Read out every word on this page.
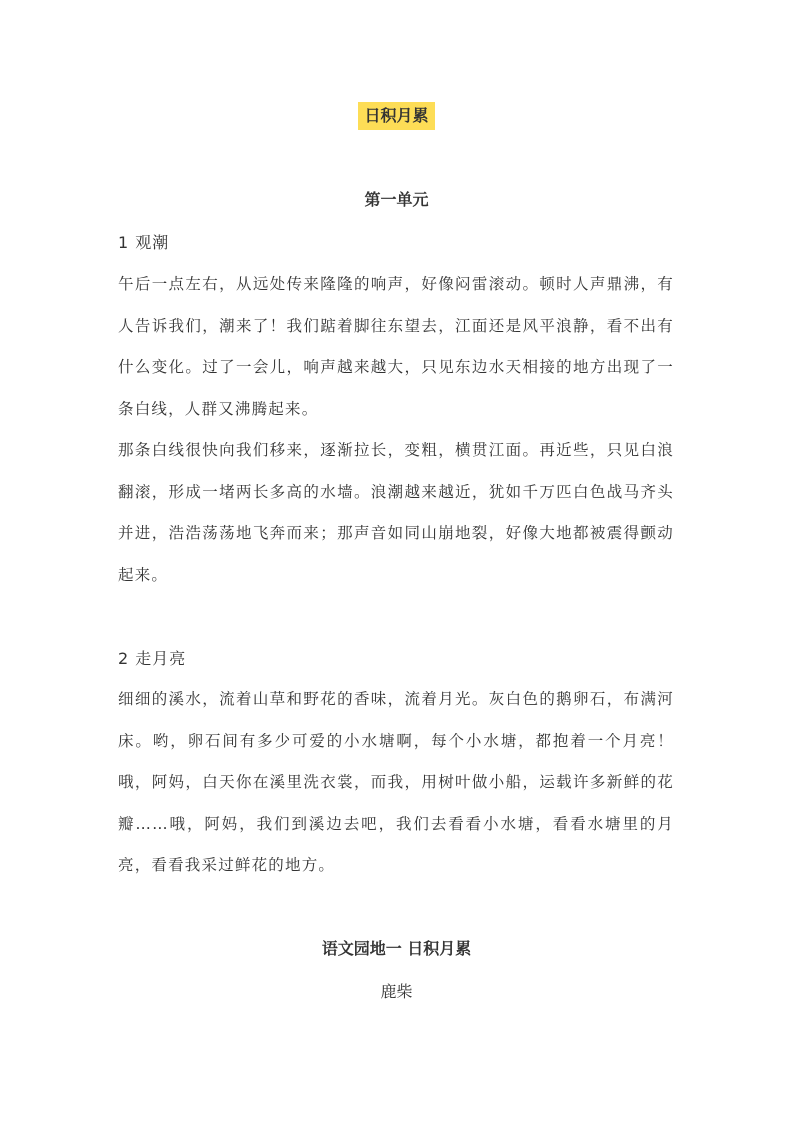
日积月累
第一单元
1 观潮

午后一点左右，从远处传来隆隆的响声，好像闷雷滚动。顿时人声鼎沸，有人告诉我们，潮来了！我们踮着脚往东望去，江面还是风平浪静，看不出有什么变化。过了一会儿，响声越来越大，只见东边水天相接的地方出现了一条白线，人群又沸腾起来。

那条白线很快向我们移来，逐渐拉长，变粗，横贯江面。再近些，只见白浪翻滚，形成一堵两长多高的水墙。浪潮越来越近，犹如千万匹白色战马齐头并进，浩浩荡荡地飞奔而来；那声音如同山崩地裂，好像大地都被震得颤动起来。

2 走月亮

细细的溪水，流着山草和野花的香味，流着月光。灰白色的鹅卵石，布满河床。哟，卵石间有多少可爱的小水塘啊，每个小水塘，都抱着一个月亮！哦，阿妈，白天你在溪里洗衣裳，而我，用树叶做小船，运载许多新鲜的花瓣……哦，阿妈，我们到溪边去吧，我们去看看小水塘，看看水塘里的月亮，看看我采过鲜花的地方。

语文园地一 日积月累
鹿柴
